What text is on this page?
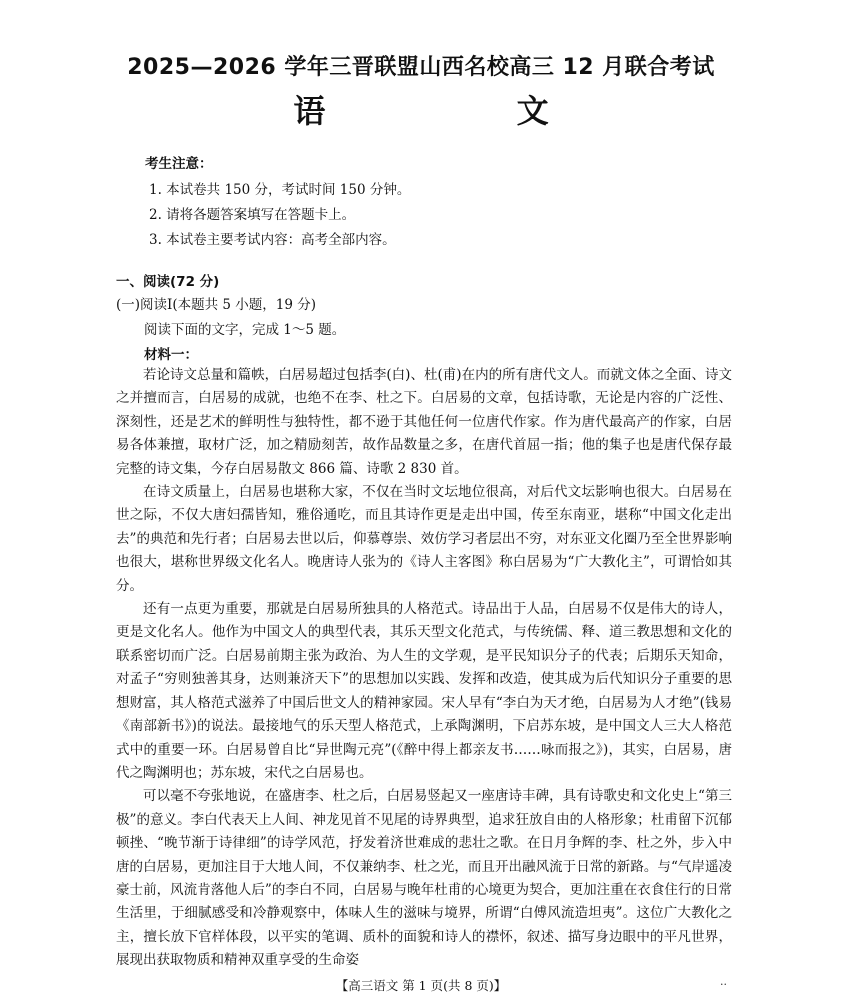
2025—2026 学年三晋联盟山西名校高三 12 月联合考试
语 文
考生注意：
1. 本试卷共 150 分，考试时间 150 分钟。
2. 请将各题答案填写在答题卡上。
3. 本试卷主要考试内容：高考全部内容。
一、阅读(72 分)
(一)阅读Ⅰ(本题共 5 小题，19 分)
阅读下面的文字，完成 1～5 题。
材料一：

若论诗文总量和篇帙，白居易超过包括李(白)、杜(甫)在内的所有唐代文人。而就文体之全面、诗文之并擅而言，白居易的成就，也绝不在李、杜之下。白居易的文章，包括诗歌，无论是内容的广泛性、深刻性，还是艺术的鲜明性与独特性，都不逊于其他任何一位唐代作家。作为唐代最高产的作家，白居易各体兼擅，取材广泛，加之精励刻苦，故作品数量之多，在唐代首屈一指；他的集子也是唐代保存最完整的诗文集，今存白居易散文 866 篇、诗歌 2 830 首。

在诗文质量上，白居易也堪称大家，不仅在当时文坛地位很高，对后代文坛影响也很大。白居易在世之际，不仅大唐妇孺皆知，雅俗通吃，而且其诗作更是走出中国，传至东南亚，堪称“中国文化走出去”的典范和先行者；白居易去世以后，仰慕尊崇、效仿学习者层出不穷，对东亚文化圈乃至全世界影响也很大，堪称世界级文化名人。晚唐诗人张为的《诗人主客图》称白居易为“广大教化主”，可谓恰如其分。

还有一点更为重要，那就是白居易所独具的人格范式。诗品出于人品，白居易不仅是伟大的诗人，更是文化名人。他作为中国文人的典型代表，其乐天型文化范式，与传统儒、释、道三教思想和文化的联系密切而广泛。白居易前期主张为政治、为人生的文学观，是平民知识分子的代表；后期乐天知命，对孟子“穷则独善其身，达则兼济天下”的思想加以实践、发挥和改造，使其成为后代知识分子重要的思想财富，其人格范式滋养了中国后世文人的精神家园。宋人早有“李白为天才绝，白居易为人才绝”(钱易《南部新书》)的说法。最接地气的乐天型人格范式，上承陶渊明，下启苏东坡，是中国文人三大人格范式中的重要一环。白居易曾自比“异世陶元亮”(《醉中得上都亲友书……咏而报之》)，其实，白居易，唐代之陶渊明也；苏东坡，宋代之白居易也。

可以毫不夸张地说，在盛唐李、杜之后，白居易竖起又一座唐诗丰碑，具有诗歌史和文化史上“第三极”的意义。李白代表天上人间、神龙见首不见尾的诗界典型，追求狂放自由的人格形象；杜甫留下沉郁顿挫、“晚节渐于诗律细”的诗学风范，抒发着济世难成的悲壮之歌。在日月争辉的李、杜之外，步入中唐的白居易，更加注目于大地人间，不仅兼纳李、杜之光，而且开出融风流于日常的新路。与“气岸遥凌豪士前，风流肯落他人后”的李白不同，白居易与晚年杜甫的心境更为契合，更加注重在衣食住行的日常生活里，于细腻感受和冷静观察中，体味人生的滋味与境界，所谓“白傅风流造坦夷”。这位广大教化之主，擅长放下官样体段，以平实的笔调、质朴的面貌和诗人的襟怀，叙述、描写身边眼中的平凡世界，展现出获取物质和精神双重享受的生命姿

【高三语文 第 1 页(共 8 页)】	··
